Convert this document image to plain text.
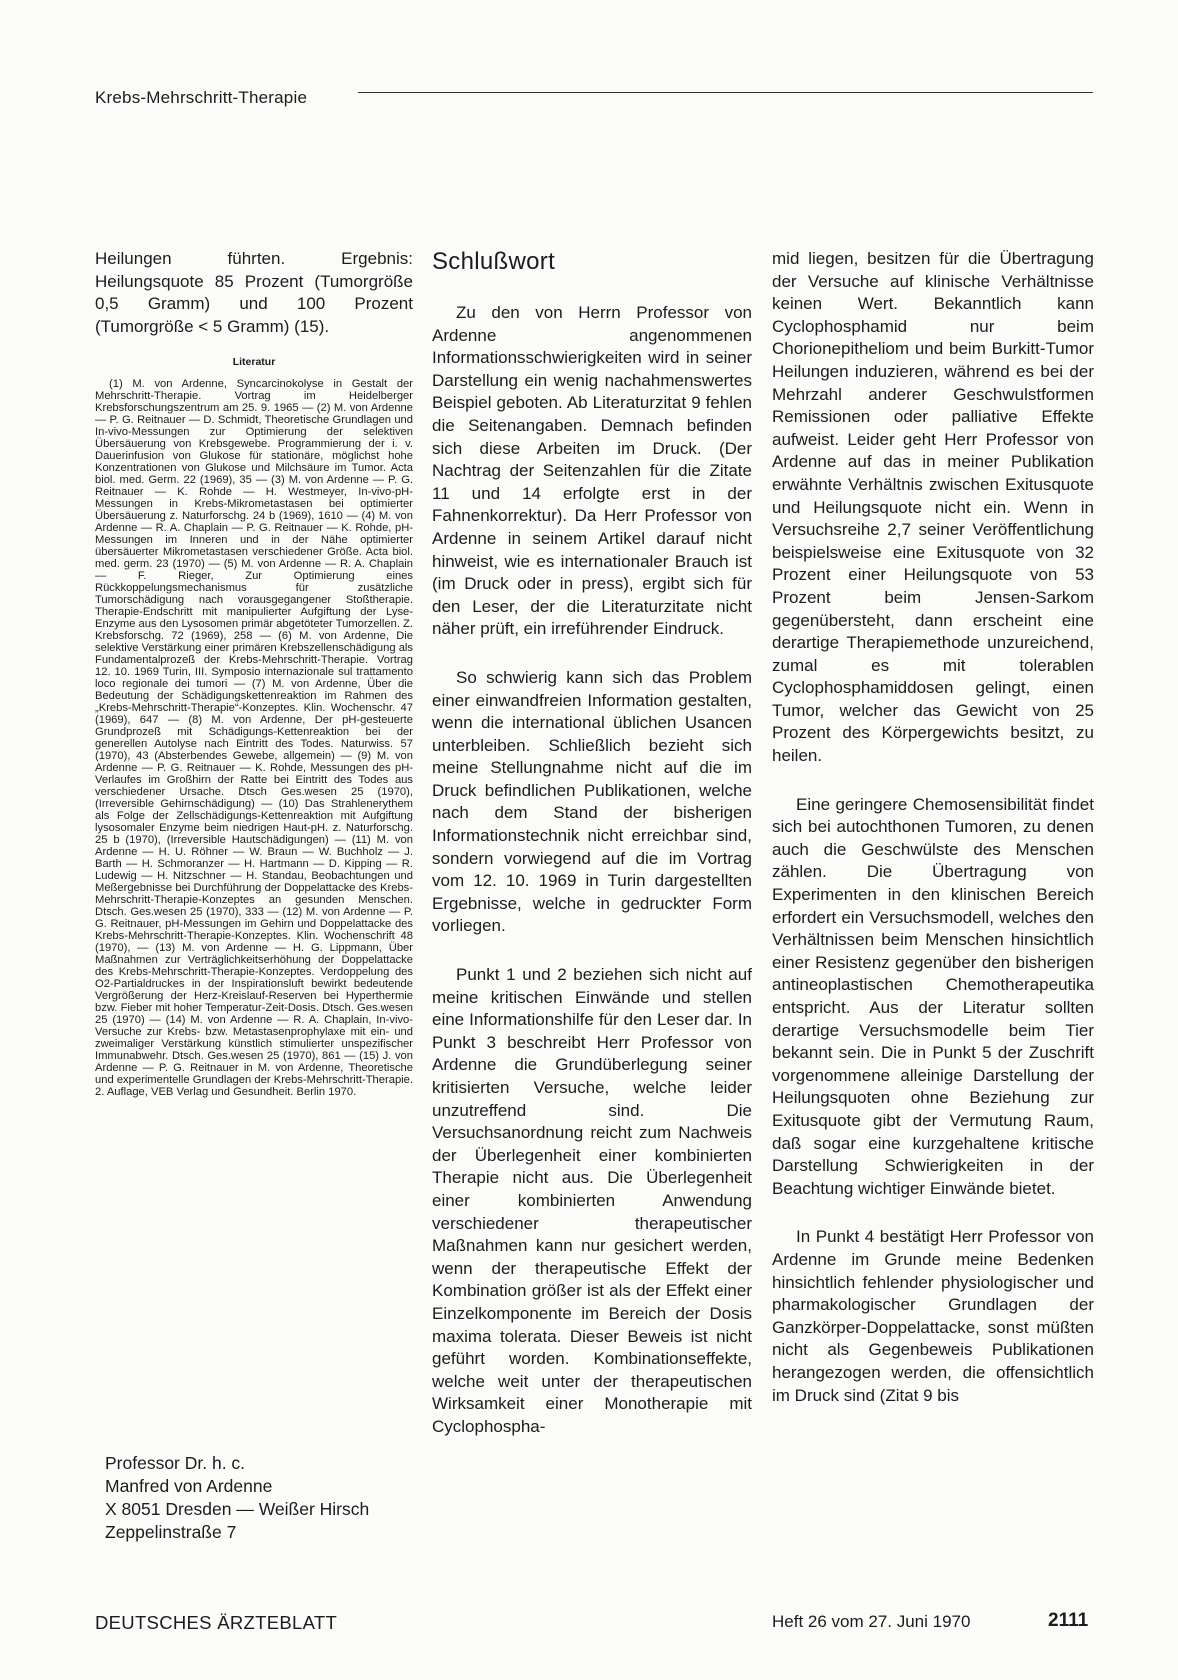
Krebs-Mehrschritt-Therapie

Heilungen führten. Ergebnis: Heilungsquote 85 Prozent (Tumorgröße 0,5 Gramm) und 100 Prozent (Tumorgröße < 5 Gramm) (15).

Literatur

(1) M. von Ardenne, Syncarcinokolyse in Gestalt der Mehrschritt-Therapie. Vortrag im Heidelberger Krebsforschungszentrum am 25. 9. 1965 — (2) M. von Ardenne — P. G. Reitnauer — D. Schmidt, Theoretische Grundlagen und In-vivo-Messungen zur Optimierung der selektiven Übersäuerung von Krebsgewebe. Programmierung der i. v. Dauerinfusion von Glukose für stationäre, möglichst hohe Konzentrationen von Glukose und Milchsäure im Tumor. Acta biol. med. Germ. 22 (1969), 35 — (3) M. von Ardenne — P. G. Reitnauer — K. Rohde — H. Westmeyer, In-vivo-pH-Messungen in Krebs-Mikrometastasen bei optimierter Übersäuerung z. Naturforschg. 24 b (1969), 1610 — (4) M. von Ardenne — R. A. Chaplain — P. G. Reitnauer — K. Rohde, pH-Messungen im Inneren und in der Nähe optimierter übersäuerter Mikrometastasen verschiedener Größe. Acta biol. med. germ. 23 (1970) — (5) M. von Ardenne — R. A. Chaplain — F. Rieger, Zur Optimierung eines Rückkoppelungsmechanismus für zusätzliche Tumorschädigung nach vorausgegangener Stoßtherapie. Therapie-Endschritt mit manipulierter Aufgiftung der Lyse-Enzyme aus den Lysosomen primär abgetöteter Tumorzellen. Z. Krebsforschg. 72 (1969), 258 — (6) M. von Ardenne, Die selektive Verstärkung einer primären Krebszellenschädigung als Fundamentalprozeß der Krebs-Mehrschritt-Therapie. Vortrag 12. 10. 1969 Turin, III. Symposio internazionale sul trattamento loco regionale dei tumori — (7) M. von Ardenne, Über die Bedeutung der Schädigungskettenreaktion im Rahmen des „Krebs-Mehrschritt-Therapie“-Konzeptes. Klin. Wochenschr. 47 (1969), 647 — (8) M. von Ardenne, Der pH-gesteuerte Grundprozeß mit Schädigungs-Kettenreaktion bei der generellen Autolyse nach Eintritt des Todes. Naturwiss. 57 (1970), 43 (Absterbendes Gewebe, allgemein) — (9) M. von Ardenne — P. G. Reitnauer — K. Rohde, Messungen des pH-Verlaufes im Großhirn der Ratte bei Eintritt des Todes aus verschiedener Ursache. Dtsch Ges.wesen 25 (1970), (Irreversible Gehirnschädigung) — (10) Das Strahlenerythem als Folge der Zellschädigungs-Kettenreaktion mit Aufgiftung lysosomaler Enzyme beim niedrigen Haut-pH. z. Naturforschg. 25 b (1970), (Irreversible Hautschädigungen) — (11) M. von Ardenne — H. U. Röhner — W. Braun — W. Buchholz — J. Barth — H. Schmoranzer — H. Hartmann — D. Kipping — R. Ludewig — H. Nitzschner — H. Standau, Beobachtungen und Meßergebnisse bei Durchführung der Doppelattacke des Krebs-Mehrschritt-Therapie-Konzeptes an gesunden Menschen. Dtsch. Ges.wesen 25 (1970), 333 — (12) M. von Ardenne — P. G. Reitnauer, pH-Messungen im Gehirn und Doppelattacke des Krebs-Mehrschritt-Therapie-Konzeptes. Klin. Wochenschrift 48 (1970), — (13) M. von Ardenne — H. G. Lippmann, Über Maßnahmen zur Verträglichkeitserhöhung der Doppelattacke des Krebs-Mehrschritt-Therapie-Konzeptes. Verdoppelung des O2-Partialdruckes in der Inspirationsluft bewirkt bedeutende Vergrößerung der Herz-Kreislauf-Reserven bei Hyperthermie bzw. Fieber mit hoher Temperatur-Zeit-Dosis. Dtsch. Ges.wesen 25 (1970) — (14) M. von Ardenne — R. A. Chaplain, In-vivo-Versuche zur Krebs- bzw. Metastasenprophylaxe mit ein- und zweimaliger Verstärkung künstlich stimulierter unspezifischer Immunabwehr. Dtsch. Ges.wesen 25 (1970), 861 — (15) J. von Ardenne — P. G. Reitnauer in M. von Ardenne, Theoretische und experimentelle Grundlagen der Krebs-Mehrschritt-Therapie. 2. Auflage, VEB Verlag und Gesundheit. Berlin 1970.

Professor Dr. h. c.
Manfred von Ardenne
X 8051 Dresden — Weißer Hirsch
Zeppelinstraße 7
Schlußwort

Zu den von Herrn Professor von Ardenne angenommenen Informationsschwierigkeiten wird in seiner Darstellung ein wenig nachahmenswertes Beispiel geboten. Ab Literaturzitat 9 fehlen die Seitenangaben. Demnach befinden sich diese Arbeiten im Druck. (Der Nachtrag der Seitenzahlen für die Zitate 11 und 14 erfolgte erst in der Fahnenkorrektur). Da Herr Professor von Ardenne in seinem Artikel darauf nicht hinweist, wie es internationaler Brauch ist (im Druck oder in press), ergibt sich für den Leser, der die Literaturzitate nicht näher prüft, ein irreführender Eindruck.

So schwierig kann sich das Problem einer einwandfreien Information gestalten, wenn die international üblichen Usancen unterbleiben. Schließlich bezieht sich meine Stellungnahme nicht auf die im Druck befindlichen Publikationen, welche nach dem Stand der bisherigen Informationstechnik nicht erreichbar sind, sondern vorwiegend auf die im Vortrag vom 12. 10. 1969 in Turin dargestellten Ergebnisse, welche in gedruckter Form vorliegen.

Punkt 1 und 2 beziehen sich nicht auf meine kritischen Einwände und stellen eine Informationshilfe für den Leser dar. In Punkt 3 beschreibt Herr Professor von Ardenne die Grundüberlegung seiner kritisierten Versuche, welche leider unzutreffend sind. Die Versuchsanordnung reicht zum Nachweis der Überlegenheit einer kombinierten Therapie nicht aus. Die Überlegenheit einer kombinierten Anwendung verschiedener therapeutischer Maßnahmen kann nur gesichert werden, wenn der therapeutische Effekt der Kombination größer ist als der Effekt einer Einzelkomponente im Bereich der Dosis maxima tolerata. Dieser Beweis ist nicht geführt worden. Kombinationseffekte, welche weit unter der therapeutischen Wirksamkeit einer Monotherapie mit Cyclophospha-

mid liegen, besitzen für die Übertragung der Versuche auf klinische Verhältnisse keinen Wert. Bekanntlich kann Cyclophosphamid nur beim Chorionepitheliom und beim Burkitt-Tumor Heilungen induzieren, während es bei der Mehrzahl anderer Geschwulstformen Remissionen oder palliative Effekte aufweist. Leider geht Herr Professor von Ardenne auf das in meiner Publikation erwähnte Verhältnis zwischen Exitusquote und Heilungsquote nicht ein. Wenn in Versuchsreihe 2,7 seiner Veröffentlichung beispielsweise eine Exitusquote von 32 Prozent einer Heilungsquote von 53 Prozent beim Jensen-Sarkom gegenübersteht, dann erscheint eine derartige Therapiemethode unzureichend, zumal es mit tolerablen Cyclophosphamiddosen gelingt, einen Tumor, welcher das Gewicht von 25 Prozent des Körpergewichts besitzt, zu heilen.

Eine geringere Chemosensibilität findet sich bei autochthonen Tumoren, zu denen auch die Geschwülste des Menschen zählen. Die Übertragung von Experimenten in den klinischen Bereich erfordert ein Versuchsmodell, welches den Verhältnissen beim Menschen hinsichtlich einer Resistenz gegenüber den bisherigen antineoplastischen Chemotherapeutika entspricht. Aus der Literatur sollten derartige Versuchsmodelle beim Tier bekannt sein. Die in Punkt 5 der Zuschrift vorgenommene alleinige Darstellung der Heilungsquoten ohne Beziehung zur Exitusquote gibt der Vermutung Raum, daß sogar eine kurzgehaltene kritische Darstellung Schwierigkeiten in der Beachtung wichtiger Einwände bietet.

In Punkt 4 bestätigt Herr Professor von Ardenne im Grunde meine Bedenken hinsichtlich fehlender physiologischer und pharmakologischer Grundlagen der Ganzkörper-Doppelattacke, sonst müßten nicht als Gegenbeweis Publikationen herangezogen werden, die offensichtlich im Druck sind (Zitat 9 bis

DEUTSCHES ÄRZTEBLATT	Heft 26 vom 27. Juni 1970	2111
